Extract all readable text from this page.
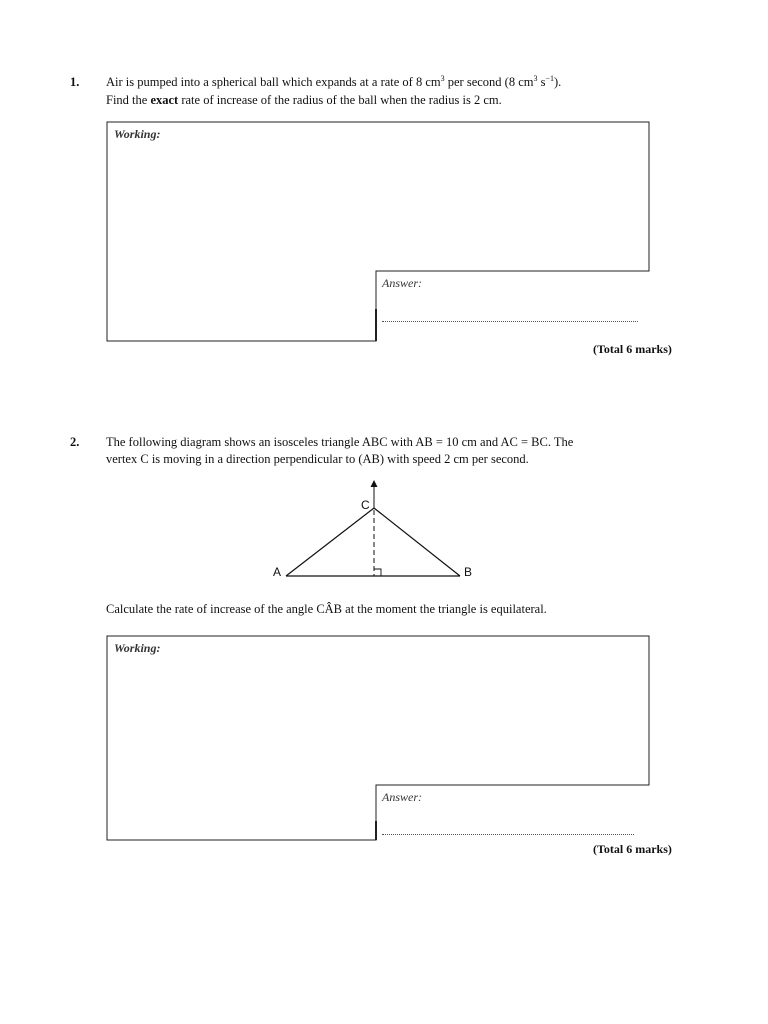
1. Air is pumped into a spherical ball which expands at a rate of 8 $cm^3$ per second (8 $cm^3$ $s^{-1}$).
Find the exact rate of increase of the radius of the ball when the radius is 2 cm.
Working:
Answer:
(Total 6 marks)
2. The following diagram shows an isosceles triangle ABC with AB = 10 cm and AC = BC. The
vertex C is moving in a direction perpendicular to (AB) with speed 2 cm per second.
A	B
C
Calculate the rate of increase of the angle CÂB at the moment the triangle is equilateral.
Working:
Answer:
(Total 6 marks)
